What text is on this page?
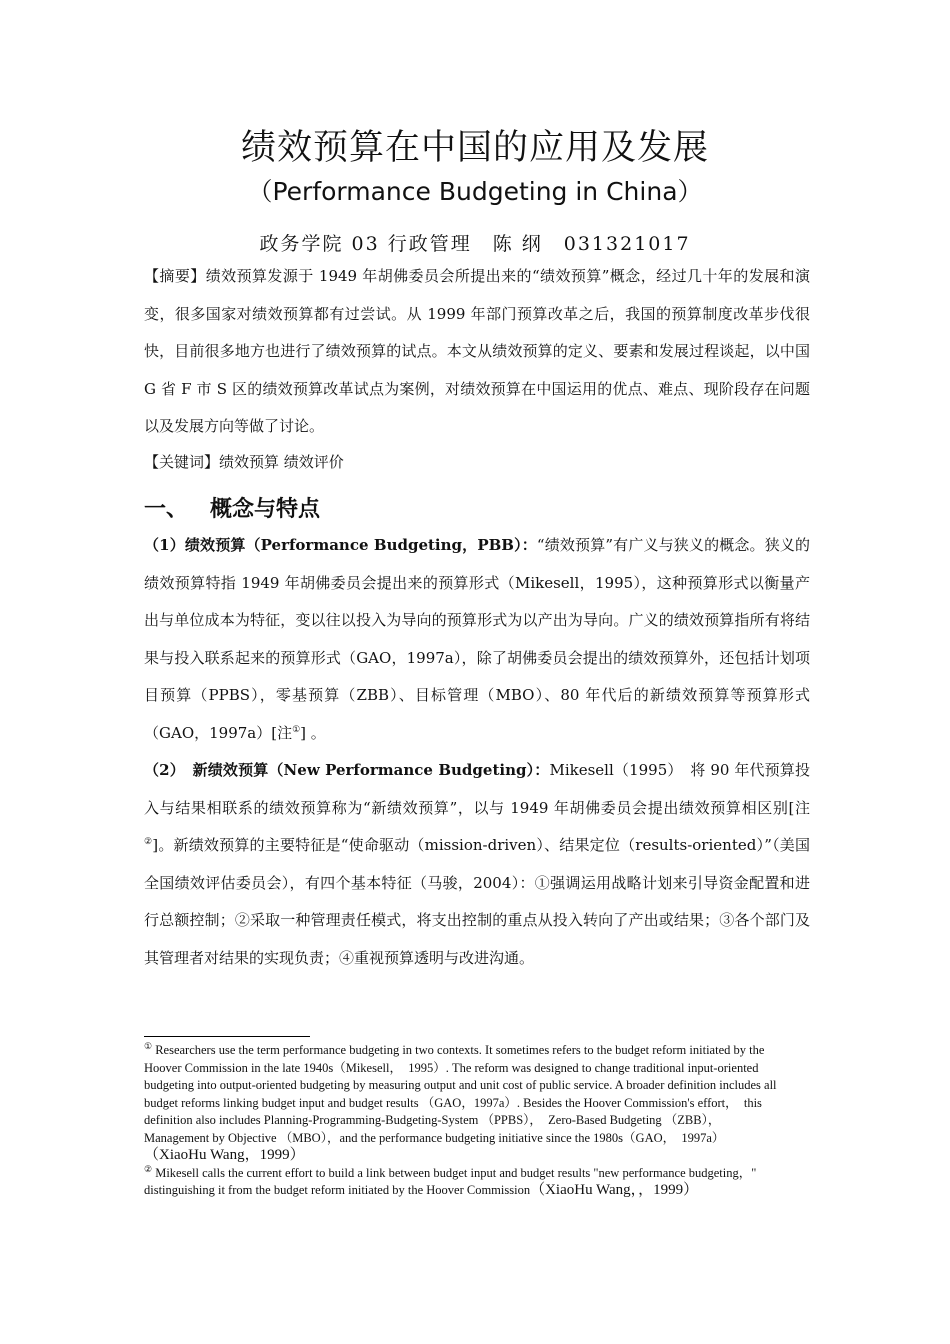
绩效预算在中国的应用及发展
（Performance Budgeting in China）
政务学院 03 行政管理　陈 纲　031321017
【摘要】绩效预算发源于 1949 年胡佛委员会所提出来的“绩效预算”概念，经过几十年的发展和演变，很多国家对绩效预算都有过尝试。从 1999 年部门预算改革之后，我国的预算制度改革步伐很快，目前很多地方也进行了绩效预算的试点。本文从绩效预算的定义、要素和发展过程谈起，以中国 G 省 F 市 S 区的绩效预算改革试点为案例，对绩效预算在中国运用的优点、难点、现阶段存在问题以及发展方向等做了讨论。
【关键词】绩效预算 绩效评价
一、 概念与特点
（1）绩效预算（Performance Budgeting，PBB）：“绩效预算”有广义与狭义的概念。狭义的绩效预算特指 1949 年胡佛委员会提出来的预算形式（Mikesell，1995），这种预算形式以衡量产出与单位成本为特征，变以往以投入为导向的预算形式为以产出为导向。广义的绩效预算指所有将结果与投入联系起来的预算形式（GAO，1997a），除了胡佛委员会提出的绩效预算外，还包括计划项目预算（PPBS），零基预算（ZBB）、目标管理（MBO）、80 年代后的新绩效预算等预算形式（GAO，1997a）[注①] 。
（2）　新绩效预算（New Performance Budgeting）：Mikesell（1995）　将 90 年代预算投入与结果相联系的绩效预算称为“新绩效预算”，以与 1949 年胡佛委员会提出绩效预算相区别[注②]。新绩效预算的主要特征是“使命驱动（mission-driven）、结果定位（results-oriented）”（美国全国绩效评估委员会），有四个基本特征（马骏，2004）：①强调运用战略计划来引导资金配置和进行总额控制；②采取一种管理责任模式，将支出控制的重点从投入转向了产出或结果；③各个部门及其管理者对结果的实现负责；④重视预算透明与改进沟通。

① Researchers use the term performance budgeting in two contexts. It sometimes refers to the budget reform initiated by the Hoover Commission in the late 1940s（Mikesell，　1995）. The reform was designed to change traditional input-oriented budgeting into output-oriented budgeting by measuring output and unit cost of public service. A broader definition includes all budget reforms linking budget input and budget results （GAO，1997a）. Besides the Hoover Commission's effort，　this definition also includes Planning-Programming-Budgeting-System （PPBS），　Zero-Based Budgeting （ZBB），　Management by Objective （MBO），and the performance budgeting initiative since the 1980s（GAO，　1997a）　（XiaoHu Wang，1999）

② Mikesell calls the current effort to build a link between budget input and budget results "new performance budgeting，" distinguishing it from the budget reform initiated by the Hoover Commission（XiaoHu Wang，，1999）
